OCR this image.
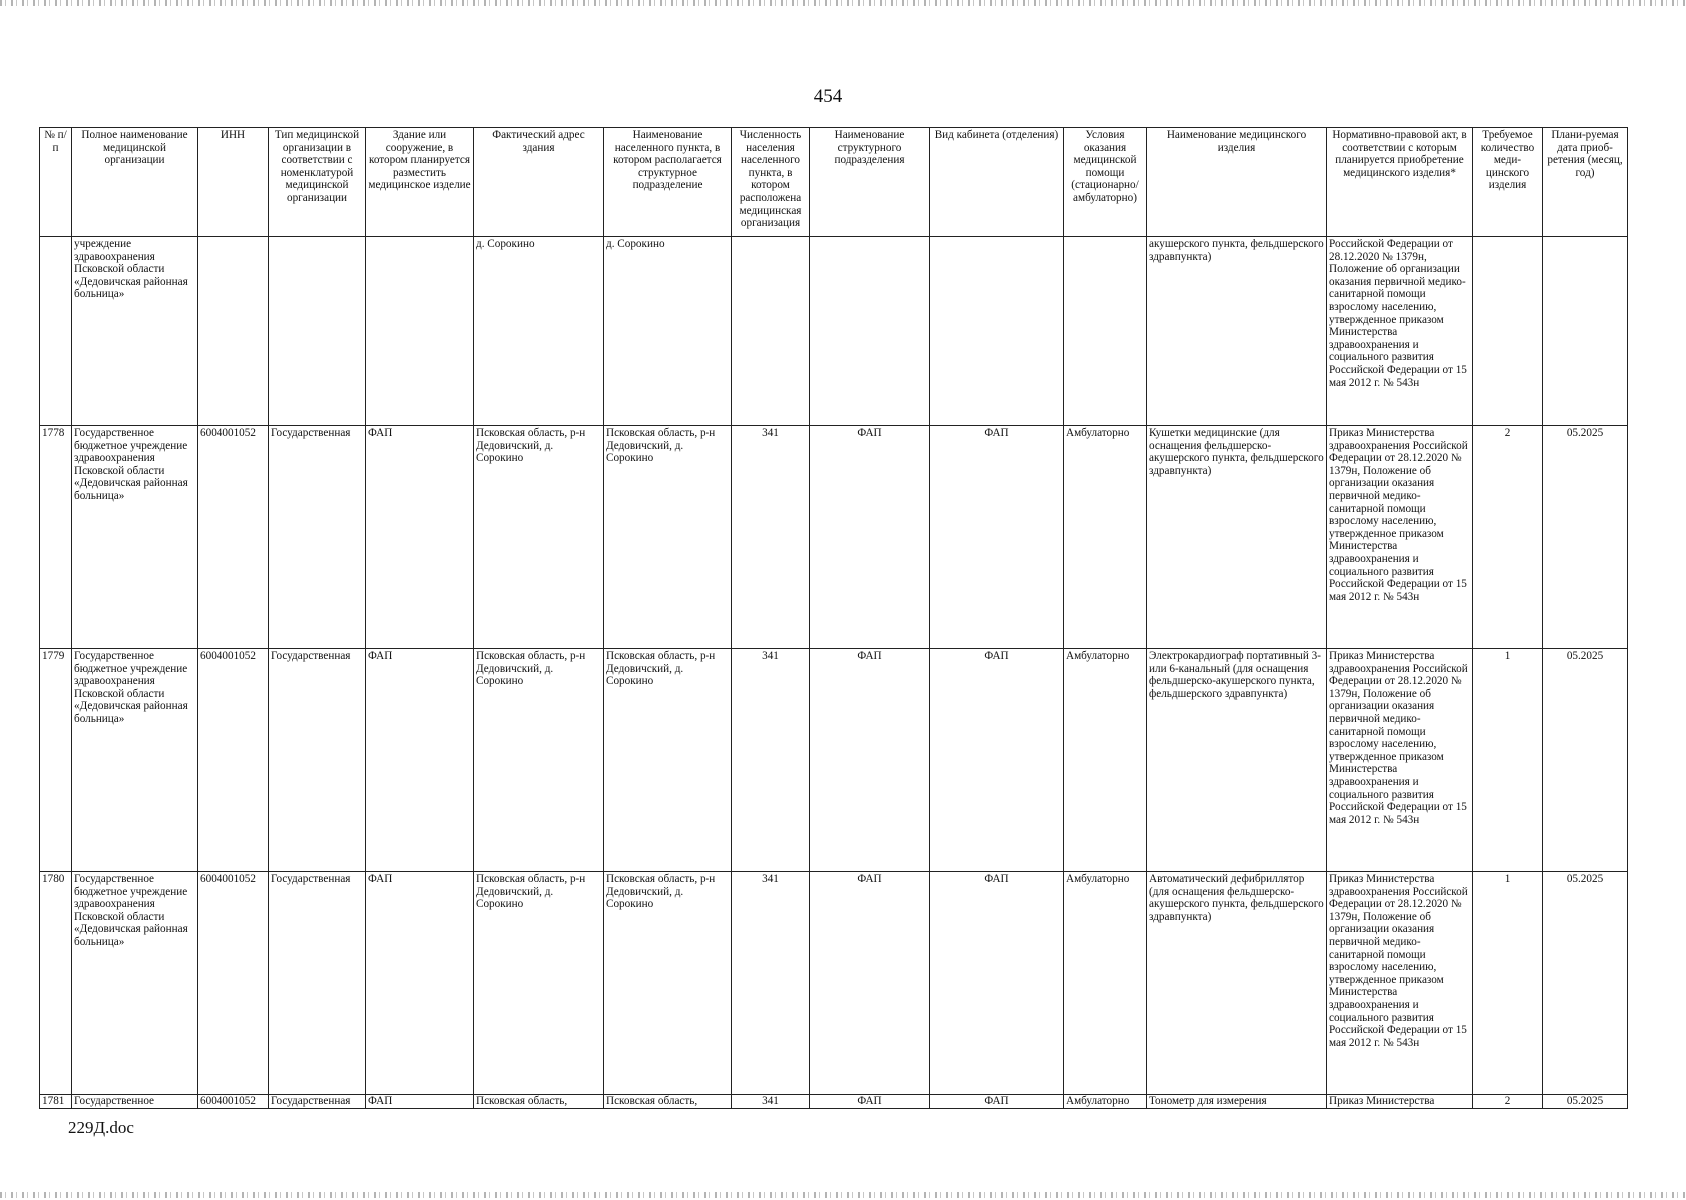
454
№ п/п	Полное наименование медицинской организации	ИНН	Тип медицинской организации в соответствии с номенклатурой медицинской организации	Здание или сооружение, в котором планируется разместить медицинское изделие	Фактический адрес здания	Наименование населенного пункта, в котором располагается структурное подразделение	Численность населения населенного пункта, в котором расположена медицинская организация	Наименование структурного подразделения	Вид кабинета (отделения)	Условия оказания медицинской помощи (стационарно/ амбулаторно)	Наименование медицинского изделия	Нормативно-правовой акт, в соответствии с которым планируется приобретение медицинского изделия*	Требуемое количество меди-цинского изделия	Плани-руемая дата приоб-ретения (месяц, год)
	учреждение здравоохранения Псковской области «Дедовичская районная больница»				д. Сорокино	д. Сорокино					акушерского пункта, фельдшерского здравпункта)	Российской Федерации от 28.12.2020 № 1379н, Положение об организации оказания первичной медико-санитарной помощи взрослому населению, утвержденное приказом Министерства здравоохранения и социального развития Российской Федерации от 15 мая 2012 г. № 543н		
1778	Государственное бюджетное учреждение здравоохранения Псковской области «Дедовичская районная больница»	6004001052	Государственная	ФАП	Псковская область, р-н Дедовичский, д. Сорокино	Псковская область, р-н Дедовичский, д. Сорокино	341	ФАП	ФАП	Амбулаторно	Кушетки медицинские (для оснащения фельдшерско-акушерского пункта, фельдшерского здравпункта)	Приказ Министерства здравоохранения Российской Федерации от 28.12.2020 № 1379н, Положение об организации оказания первичной медико-санитарной помощи взрослому населению, утвержденное приказом Министерства здравоохранения и социального развития Российской Федерации от 15 мая 2012 г. № 543н	2	05.2025
1779	Государственное бюджетное учреждение здравоохранения Псковской области «Дедовичская районная больница»	6004001052	Государственная	ФАП	Псковская область, р-н Дедовичский, д. Сорокино	Псковская область, р-н Дедовичский, д. Сорокино	341	ФАП	ФАП	Амбулаторно	Электрокардиограф портативный 3- или 6-канальный (для оснащения фельдшерско-акушерского пункта, фельдшерского здравпункта)	Приказ Министерства здравоохранения Российской Федерации от 28.12.2020 № 1379н, Положение об организации оказания первичной медико-санитарной помощи взрослому населению, утвержденное приказом Министерства здравоохранения и социального развития Российской Федерации от 15 мая 2012 г. № 543н	1	05.2025
1780	Государственное бюджетное учреждение здравоохранения Псковской области «Дедовичская районная больница»	6004001052	Государственная	ФАП	Псковская область, р-н Дедовичский, д. Сорокино	Псковская область, р-н Дедовичский, д. Сорокино	341	ФАП	ФАП	Амбулаторно	Автоматический дефибриллятор (для оснащения фельдшерско-акушерского пункта, фельдшерского здравпункта)	Приказ Министерства здравоохранения Российской Федерации от 28.12.2020 № 1379н, Положение об организации оказания первичной медико-санитарной помощи взрослому населению, утвержденное приказом Министерства здравоохранения и социального развития Российской Федерации от 15 мая 2012 г. № 543н	1	05.2025
1781	Государственное	6004001052	Государственная	ФАП	Псковская область,	Псковская область,	341	ФАП	ФАП	Амбулаторно	Тонометр для измерения	Приказ Министерства	2	05.2025
229Д.doc
